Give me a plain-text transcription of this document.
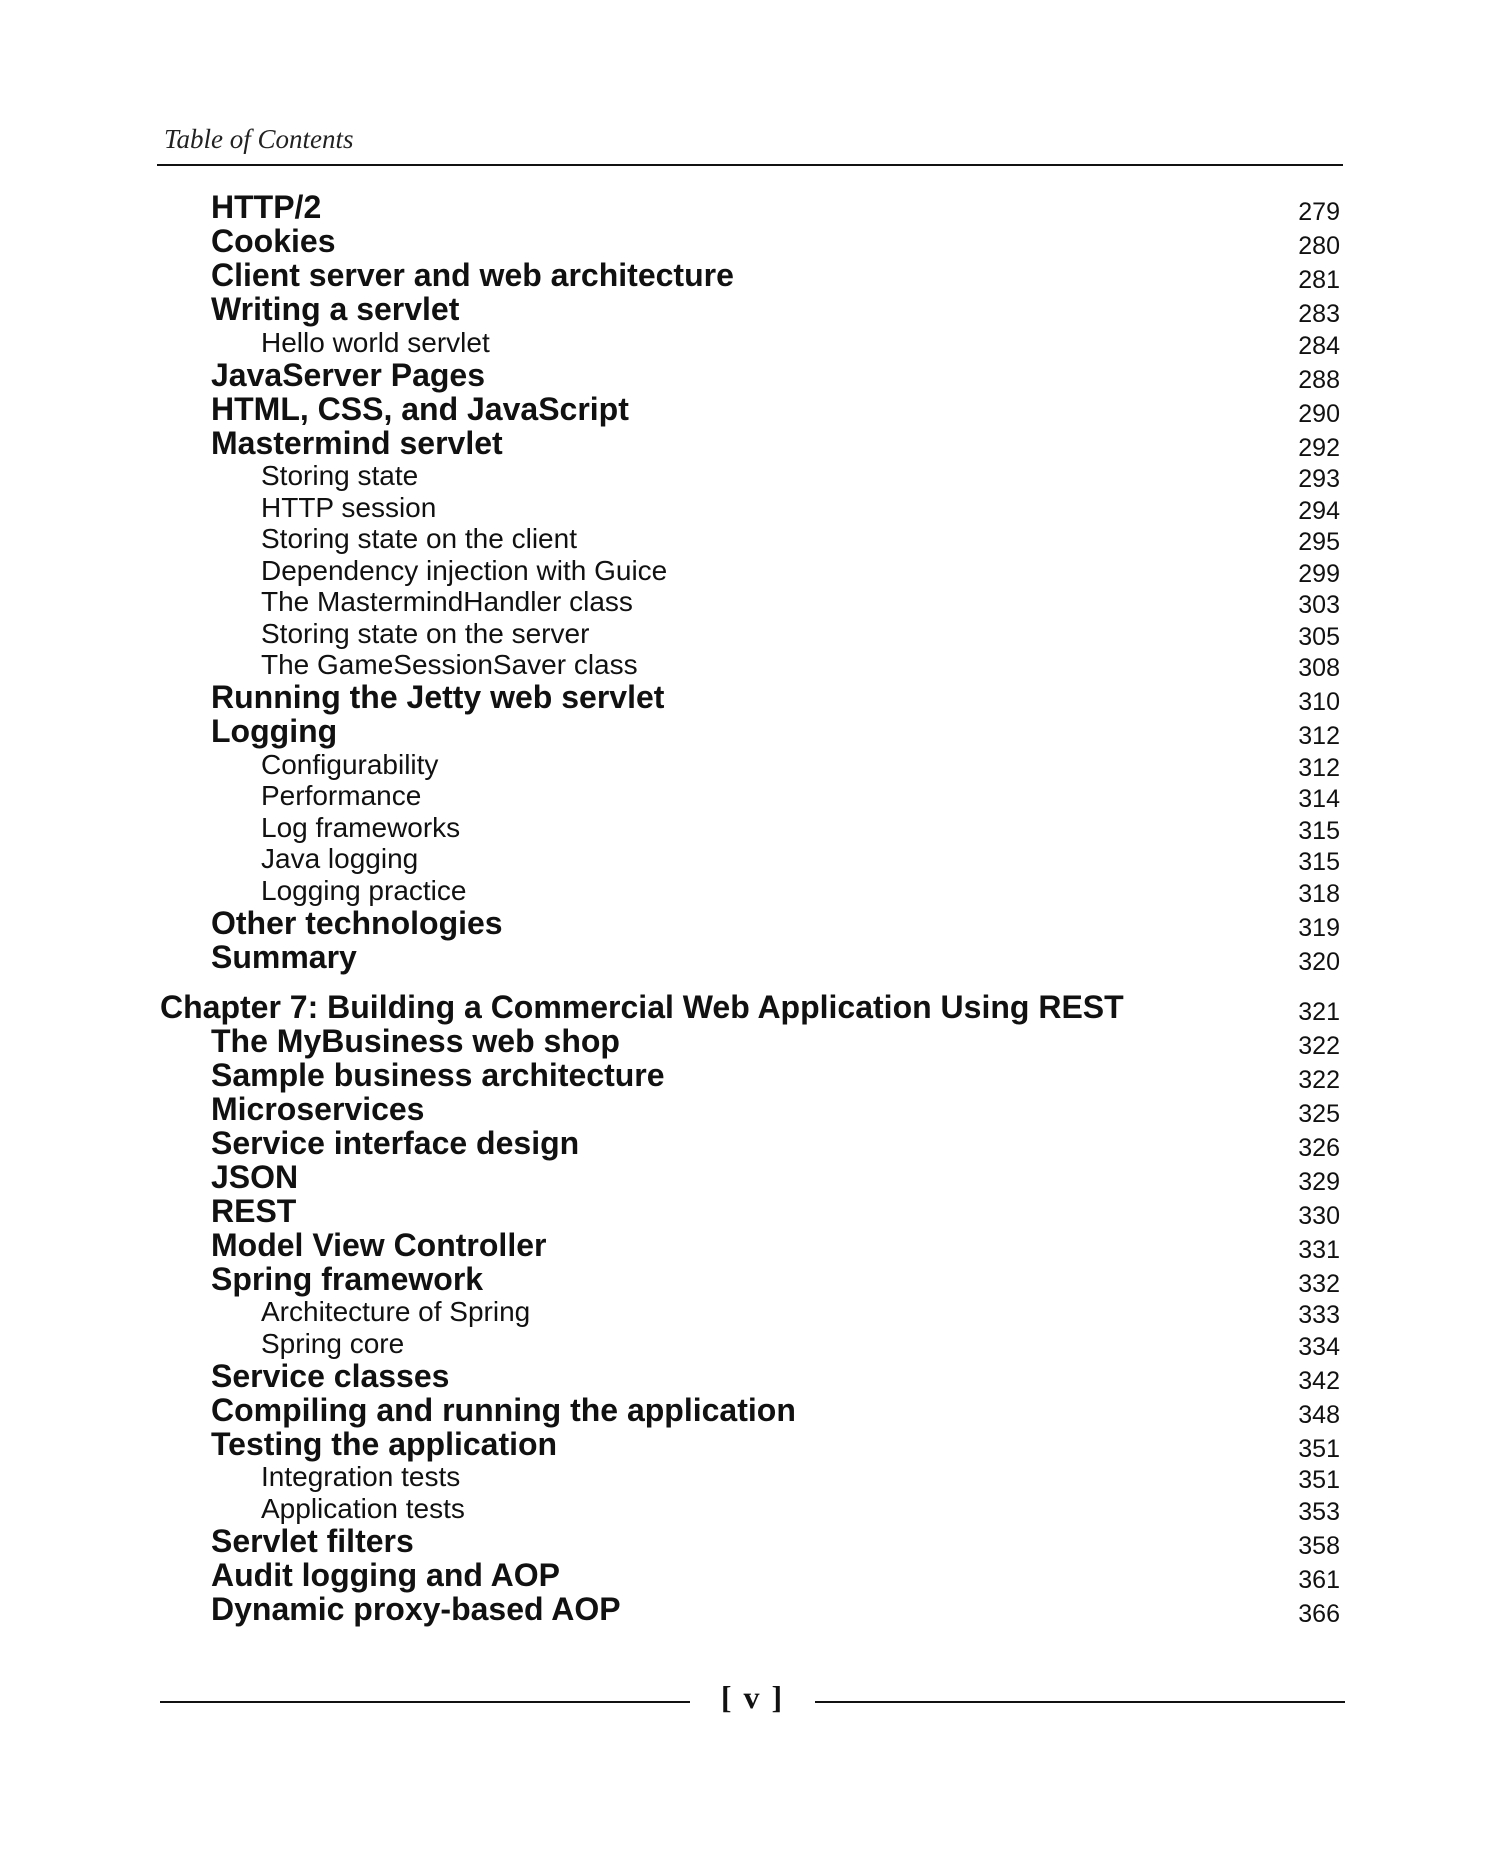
Table of Contents
HTTP/2	279
Cookies	280
Client server and web architecture	281
Writing a servlet	283
Hello world servlet	284
JavaServer Pages	288
HTML, CSS, and JavaScript	290
Mastermind servlet	292
Storing state	293
HTTP session	294
Storing state on the client	295
Dependency injection with Guice	299
The MastermindHandler class	303
Storing state on the server	305
The GameSessionSaver class	308
Running the Jetty web servlet	310
Logging	312
Configurability	312
Performance	314
Log frameworks	315
Java logging	315
Logging practice	318
Other technologies	319
Summary	320
Chapter 7: Building a Commercial Web Application Using REST	321
The MyBusiness web shop	322
Sample business architecture	322
Microservices	325
Service interface design	326
JSON	329
REST	330
Model View Controller	331
Spring framework	332
Architecture of Spring	333
Spring core	334
Service classes	342
Compiling and running the application	348
Testing the application	351
Integration tests	351
Application tests	353
Servlet filters	358
Audit logging and AOP	361
Dynamic proxy-based AOP	366
[ v ]
